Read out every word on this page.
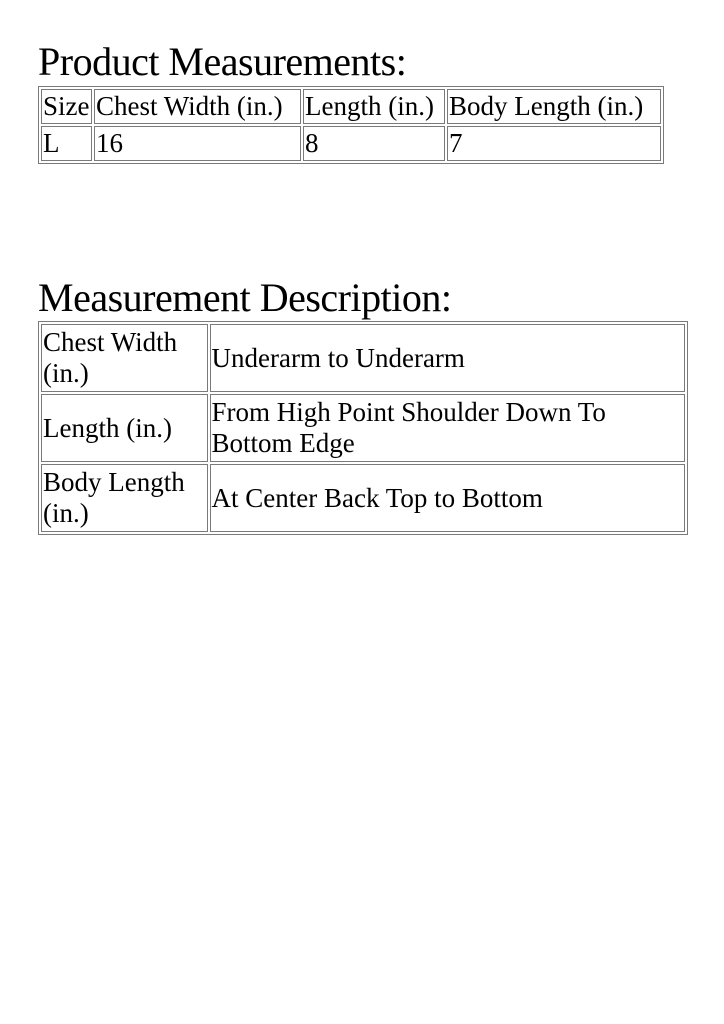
Product Measurements:
Size	Chest Width (in.)	Length (in.)	Body Length (in.)
L	16	8	7
Measurement Description:
Chest Width (in.)	Underarm to Underarm
Length (in.)	From High Point Shoulder Down To Bottom Edge
Body Length (in.)	At Center Back Top to Bottom
